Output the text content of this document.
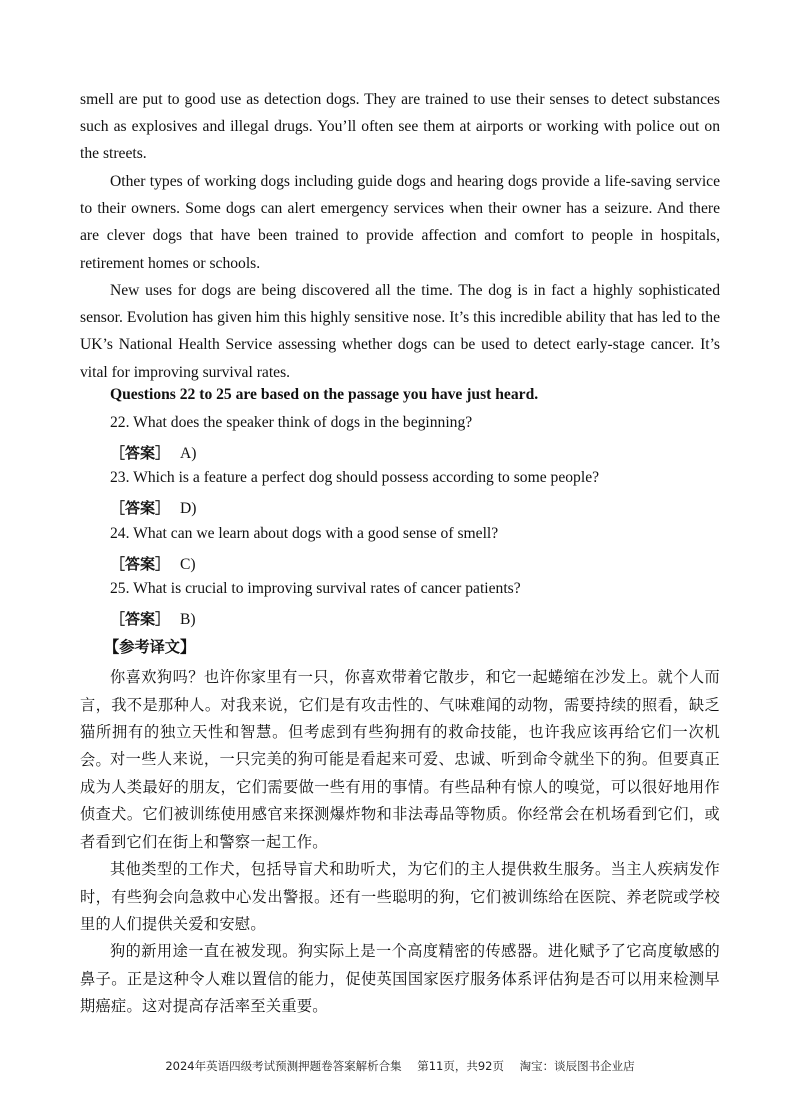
smell are put to good use as detection dogs. They are trained to use their senses to detect substances such as explosives and illegal drugs. You’ll often see them at airports or working with police out on the streets.

Other types of working dogs including guide dogs and hearing dogs provide a life-saving service to their owners. Some dogs can alert emergency services when their owner has a seizure. And there are clever dogs that have been trained to provide affection and comfort to people in hospitals, retirement homes or schools.

New uses for dogs are being discovered all the time. The dog is in fact a highly sophisticated sensor. Evolution has given him this highly sensitive nose. It’s this incredible ability that has led to the UK’s National Health Service assessing whether dogs can be used to detect early-stage cancer. It’s vital for improving survival rates.

Questions 22 to 25 are based on the passage you have just heard.

22. What does the speaker think of dogs in the beginning?

［答案］ A)

23. Which is a feature a perfect dog should possess according to some people?

［答案］ D)

24. What can we learn about dogs with a good sense of smell?

［答案］ C)

25. What is crucial to improving survival rates of cancer patients?

［答案］ B)

【参考译文】

你喜欢狗吗？也许你家里有一只，你喜欢带着它散步，和它一起蜷缩在沙发上。就个人而言，我不是那种人。对我来说，它们是有攻击性的、气味难闻的动物，需要持续的照看，缺乏猫所拥有的独立天性和智慧。但考虑到有些狗拥有的救命技能，也许我应该再给它们一次机会。 对一些人来说，一只完美的狗可能是看起来可爱、忠诚、听到命令就坐下的狗。但要真正成为人类最好的朋友，它们需要做一些有用的事情。有些品种有惊人的嗅觉，可以很好地用作侦查犬。它们被训练使用感官来探测爆炸物和非法毒品等物质。你经常会在机场看到它们，或者看到它们在街上和警察一起工作。

其他类型的工作犬，包括导盲犬和助听犬，为它们的主人提供救生服务。当主人疾病发作时，有些狗会向急救中心发出警报。还有一些聪明的狗，它们被训练给在医院、养老院或学校里的人们提供关爱和安慰。

狗的新用途一直在被发现。狗实际上是一个高度精密的传感器。进化赋予了它高度敏感的鼻子。正是这种令人难以置信的能力，促使英国国家医疗服务体系评估狗是否可以用来检测早期癌症。这对提高存活率至关重要。

2024年英语四级考试预测押题卷答案解析合集 第11页，共92页 淘宝：谈辰图书企业店
